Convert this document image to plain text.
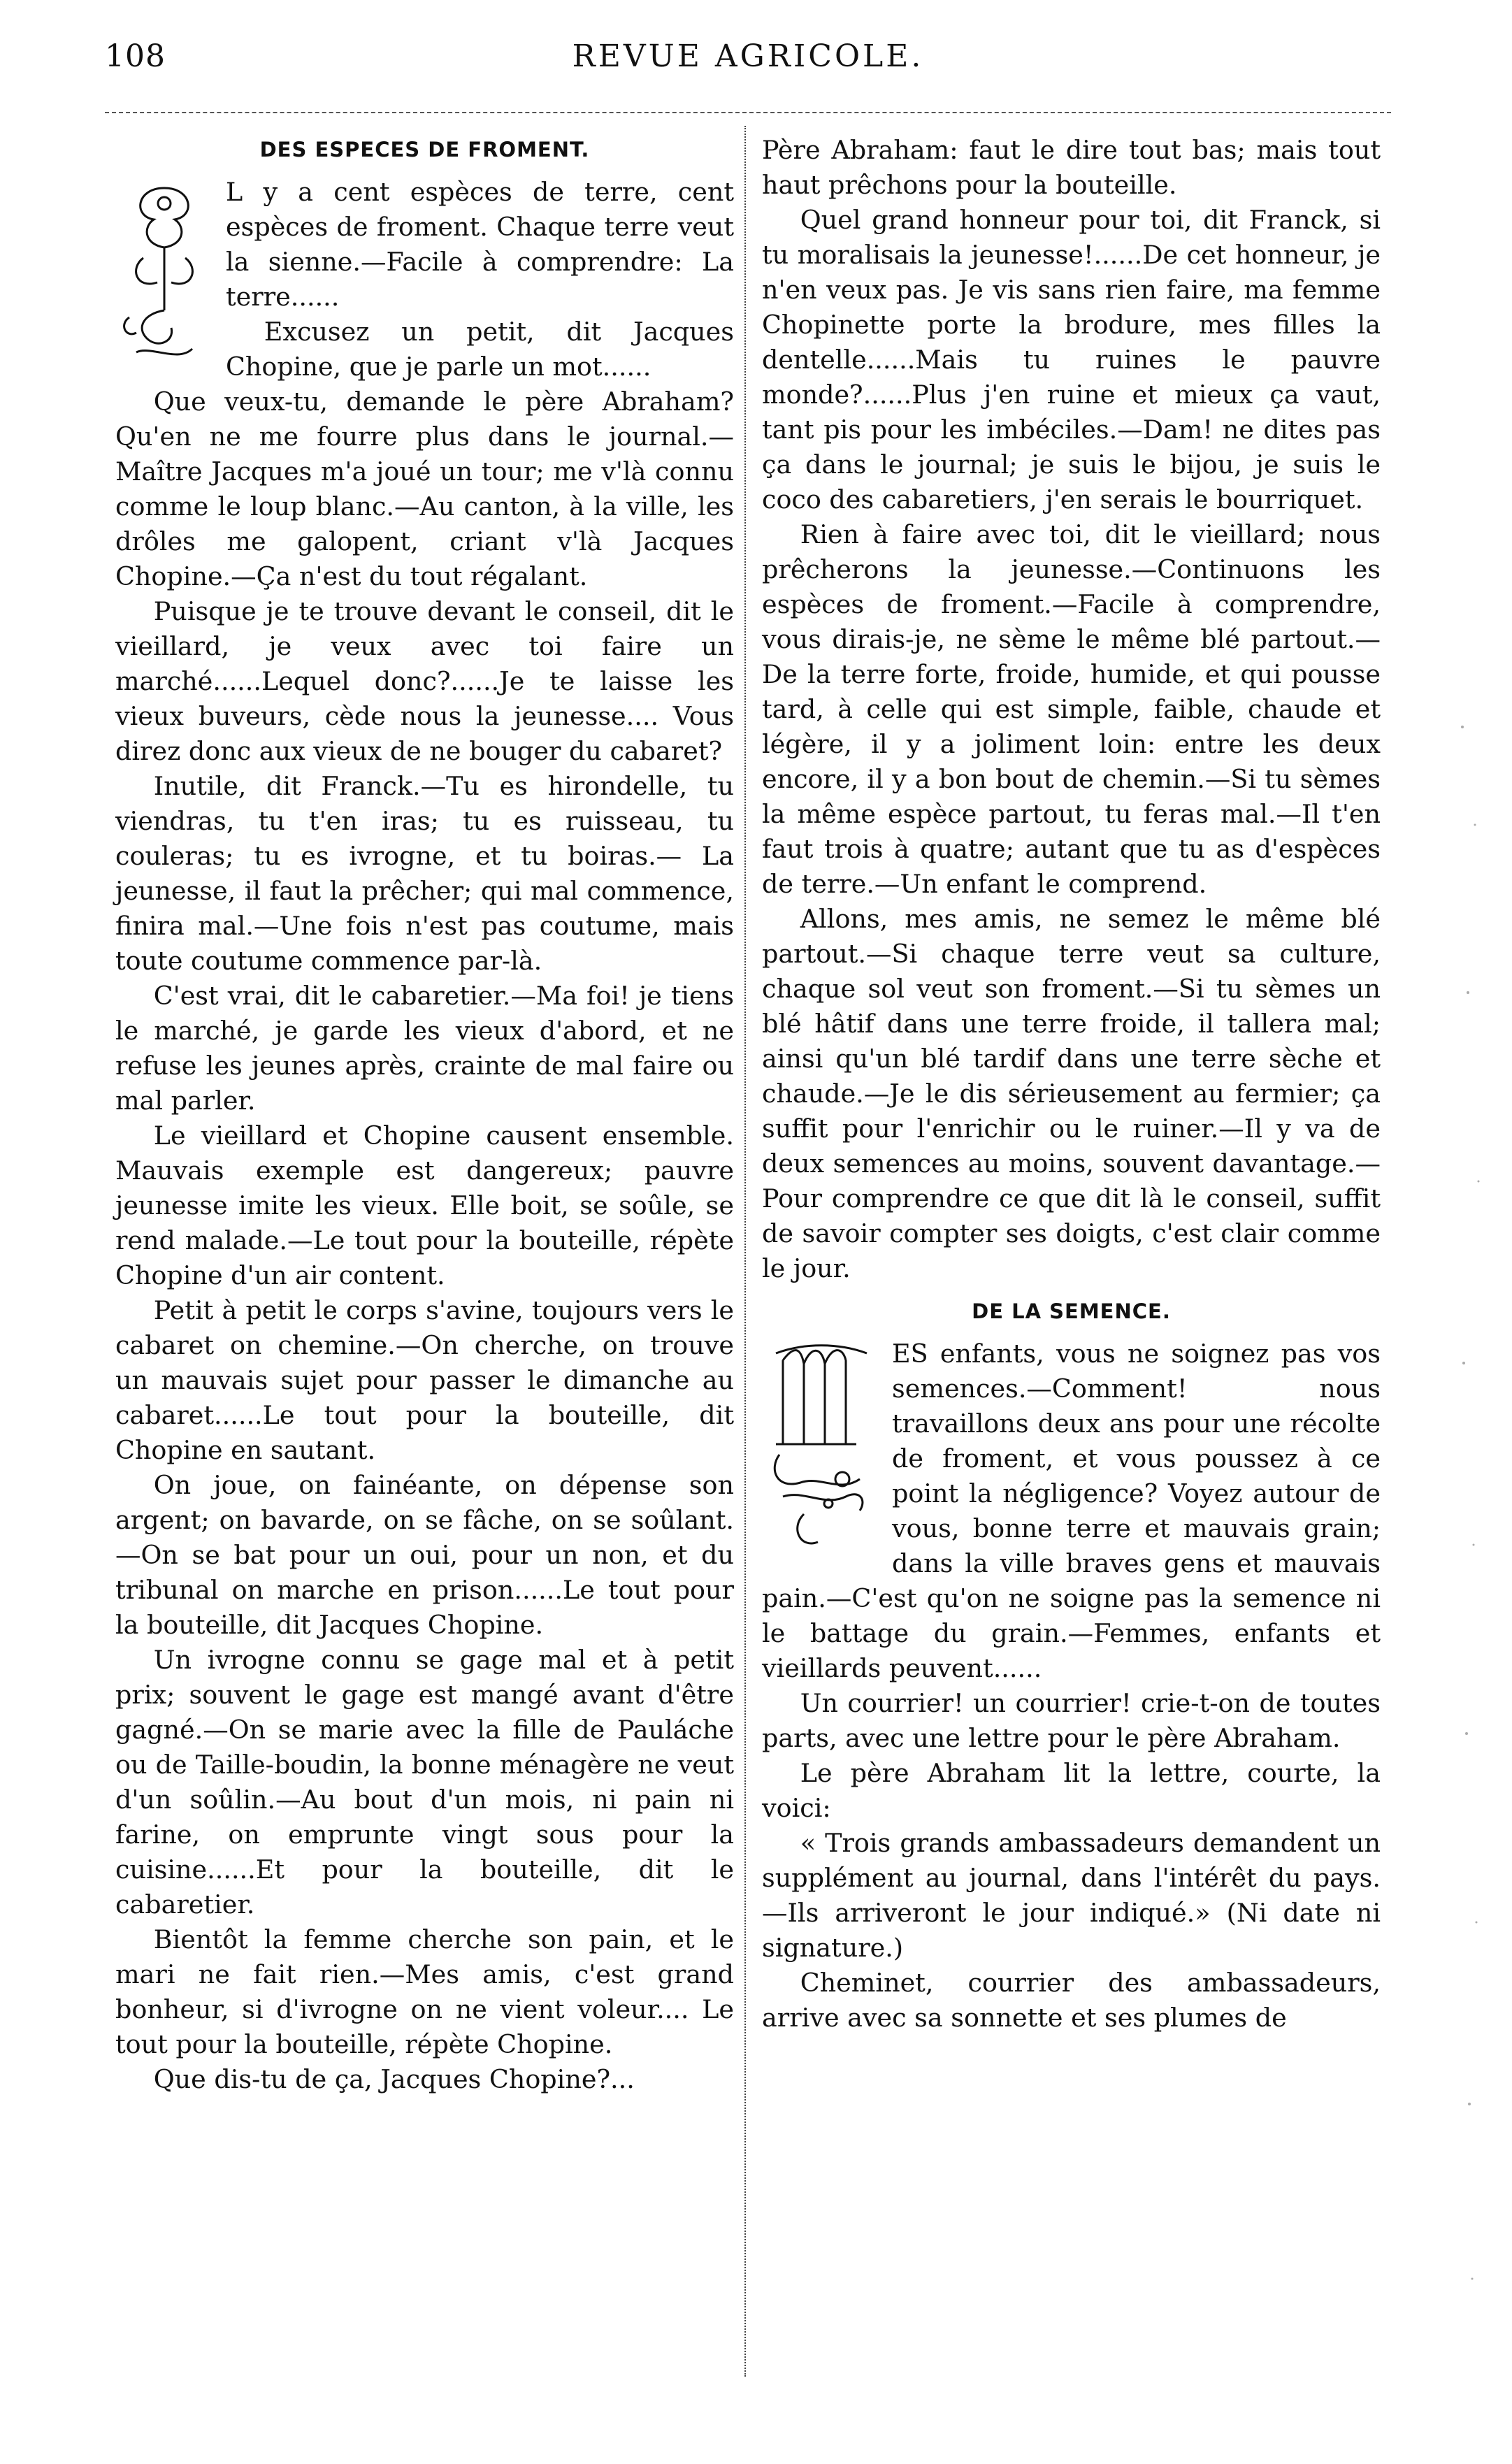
108	REVUE AGRICOLE.
DES ESPECES DE FROMENT.

L y a cent espèces de terre, cent espèces de froment. Chaque terre veut la sienne.—Facile à comprendre: La terre......

Excusez un petit, dit Jacques Chopine, que je parle un mot......

Que veux-tu, demande le père Abraham? Qu'en ne me fourre plus dans le journal.—Maître Jacques m'a joué un tour; me v'là connu comme le loup blanc.—Au canton, à la ville, les drôles me galopent, criant v'là Jacques Chopine.—Ça n'est du tout régalant.

Puisque je te trouve devant le conseil, dit le vieillard, je veux avec toi faire un marché......Lequel donc?......Je te laisse les vieux buveurs, cède nous la jeunesse.... Vous direz donc aux vieux de ne bouger du cabaret?

Inutile, dit Franck.—Tu es hirondelle, tu viendras, tu t'en iras; tu es ruisseau, tu couleras; tu es ivrogne, et tu boiras.— La jeunesse, il faut la prêcher; qui mal commence, finira mal.—Une fois n'est pas coutume, mais toute coutume commence par-là.

C'est vrai, dit le cabaretier.—Ma foi! je tiens le marché, je garde les vieux d'abord, et ne refuse les jeunes après, crainte de mal faire ou mal parler.

Le vieillard et Chopine causent ensemble. Mauvais exemple est dangereux; pauvre jeunesse imite les vieux. Elle boit, se soûle, se rend malade.—Le tout pour la bouteille, répète Chopine d'un air content.

Petit à petit le corps s'avine, toujours vers le cabaret on chemine.—On cherche, on trouve un mauvais sujet pour passer le dimanche au cabaret......Le tout pour la bouteille, dit Chopine en sautant.

On joue, on fainéante, on dépense son argent; on bavarde, on se fâche, on se soûlant.—On se bat pour un oui, pour un non, et du tribunal on marche en prison......Le tout pour la bouteille, dit Jacques Chopine.

Un ivrogne connu se gage mal et à petit prix; souvent le gage est mangé avant d'être gagné.—On se marie avec la fille de Pauláche ou de Taille-boudin, la bonne ménagère ne veut d'un soûlin.—Au bout d'un mois, ni pain ni farine, on emprunte vingt sous pour la cuisine......Et pour la bouteille, dit le cabaretier.

Bientôt la femme cherche son pain, et le mari ne fait rien.—Mes amis, c'est grand bonheur, si d'ivrogne on ne vient voleur.... Le tout pour la bouteille, répète Chopine.

Que dis-tu de ça, Jacques Chopine?...

Père Abraham: faut le dire tout bas; mais tout haut prêchons pour la bouteille.

Quel grand honneur pour toi, dit Franck, si tu moralisais la jeunesse!......De cet honneur, je n'en veux pas. Je vis sans rien faire, ma femme Chopinette porte la brodure, mes filles la dentelle......Mais tu ruines le pauvre monde?......Plus j'en ruine et mieux ça vaut, tant pis pour les imbéciles.—Dam! ne dites pas ça dans le journal; je suis le bijou, je suis le coco des cabaretiers, j'en serais le bourriquet.

Rien à faire avec toi, dit le vieillard; nous prêcherons la jeunesse.—Continuons les espèces de froment.—Facile à comprendre, vous dirais-je, ne sème le même blé partout.—De la terre forte, froide, humide, et qui pousse tard, à celle qui est simple, faible, chaude et légère, il y a joliment loin: entre les deux encore, il y a bon bout de chemin.—Si tu sèmes la même espèce partout, tu feras mal.—Il t'en faut trois à quatre; autant que tu as d'espèces de terre.—Un enfant le comprend.

Allons, mes amis, ne semez le même blé partout.—Si chaque terre veut sa culture, chaque sol veut son froment.—Si tu sèmes un blé hâtif dans une terre froide, il tallera mal; ainsi qu'un blé tardif dans une terre sèche et chaude.—Je le dis sérieusement au fermier; ça suffit pour l'enrichir ou le ruiner.—Il y va de deux semences au moins, souvent davantage.—Pour comprendre ce que dit là le conseil, suffit de savoir compter ses doigts, c'est clair comme le jour.

DE LA SEMENCE.

ES enfants, vous ne soignez pas vos semences.—Comment! nous travaillons deux ans pour une récolte de froment, et vous poussez à ce point la négligence? Voyez autour de vous, bonne terre et mauvais grain; dans la ville braves gens et mauvais pain.—C'est qu'on ne soigne pas la semence ni le battage du grain.—Femmes, enfants et vieillards peuvent......

Un courrier! un courrier! crie-t-on de toutes parts, avec une lettre pour le père Abraham.

Le père Abraham lit la lettre, courte, la voici:

« Trois grands ambassadeurs demandent un supplément au journal, dans l'intérêt du pays.—Ils arriveront le jour indiqué.» (Ni date ni signature.)

Cheminet, courrier des ambassadeurs, arrive avec sa sonnette et ses plumes de
